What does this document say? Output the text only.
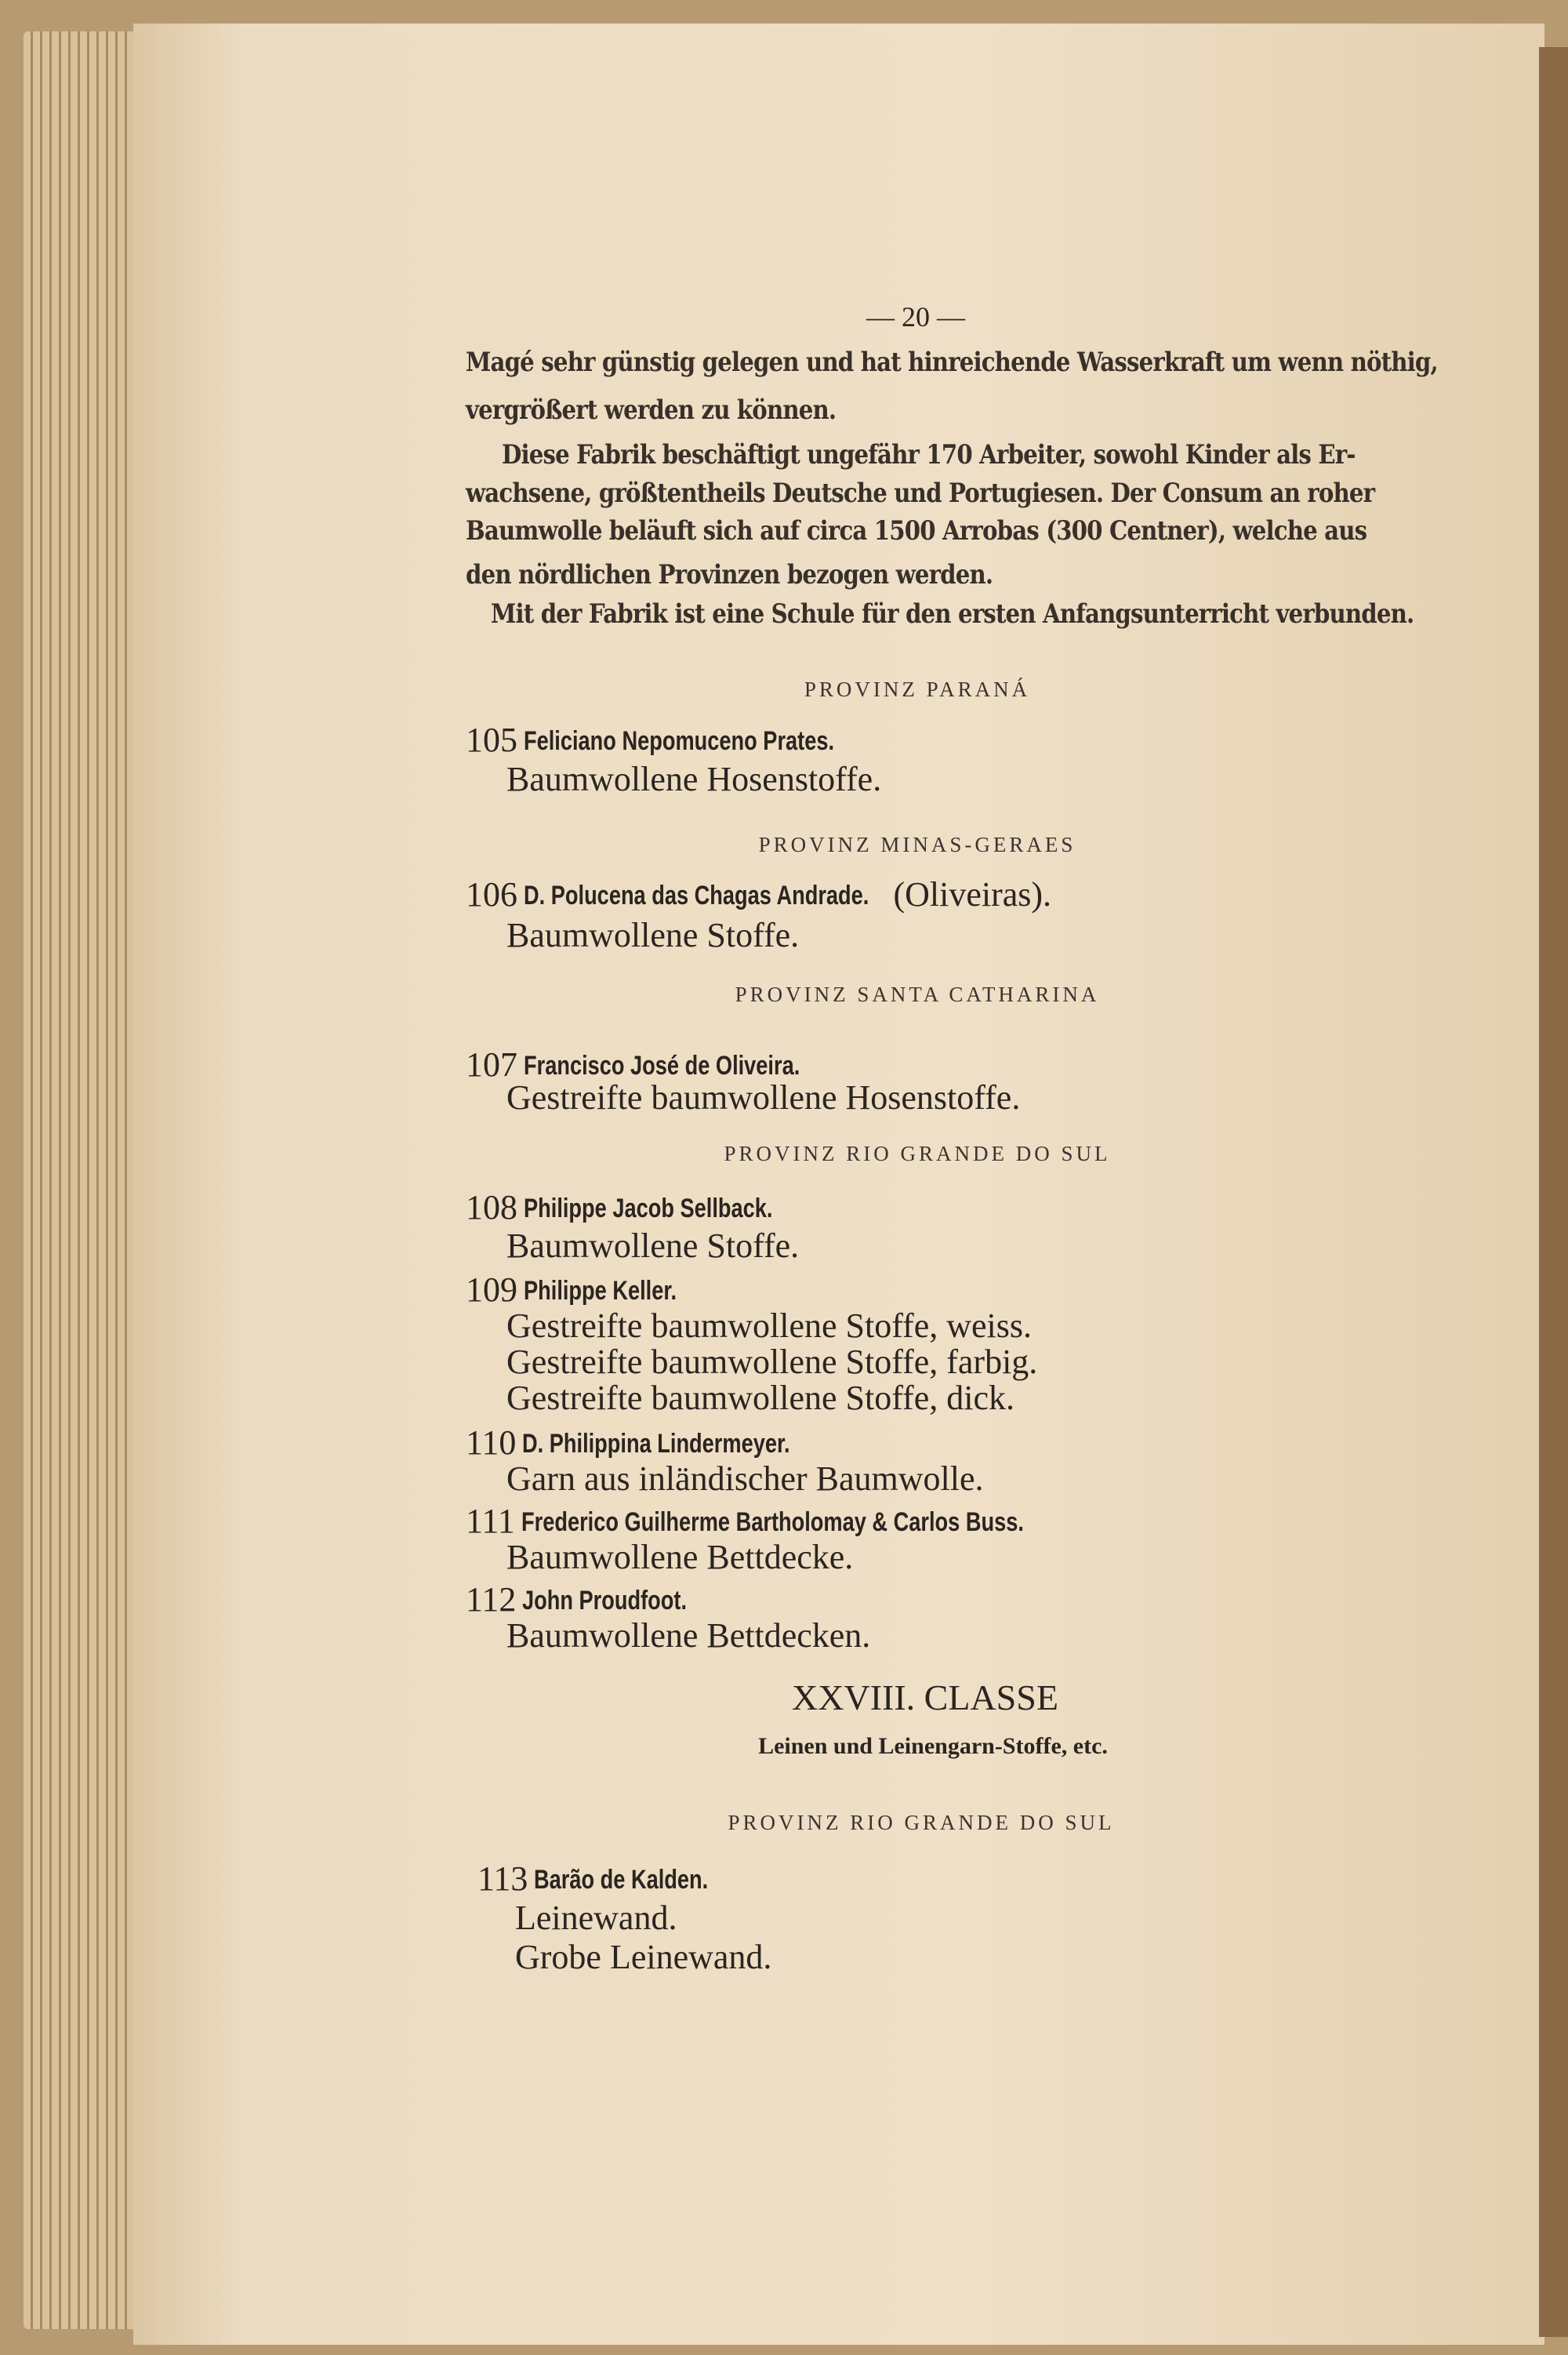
— 20 —
Magé sehr günstig gelegen und hat hinreichende Wasserkraft um wenn nöthig,
vergrößert werden zu können.
Diese Fabrik beschäftigt ungefähr 170 Arbeiter, sowohl Kinder als Er-
wachsene, größtentheils Deutsche und Portugiesen. Der Consum an roher
Baumwolle beläuft sich auf circa 1500 Arrobas (300 Centner), welche aus
den nördlichen Provinzen bezogen werden.
Mit der Fabrik ist eine Schule für den ersten Anfangsunterricht verbunden.
PROVINZ PARANÁ
105 Feliciano Nepomuceno Prates.
Baumwollene Hosenstoffe.
PROVINZ MINAS-GERAES
106 D. Polucena das Chagas Andrade. (Oliveiras).
Baumwollene Stoffe.
PROVINZ SANTA CATHARINA
107 Francisco José de Oliveira.
Gestreifte baumwollene Hosenstoffe.
PROVINZ RIO GRANDE DO SUL
108 Philippe Jacob Sellback.
Baumwollene Stoffe.
109 Philippe Keller.
Gestreifte baumwollene Stoffe, weiss.
Gestreifte baumwollene Stoffe, farbig.
Gestreifte baumwollene Stoffe, dick.
110 D. Philippina Lindermeyer.
Garn aus inländischer Baumwolle.
111 Frederico Guilherme Bartholomay & Carlos Buss.
Baumwollene Bettdecke.
112 John Proudfoot.
Baumwollene Bettdecken.
XXVIII. CLASSE
Leinen und Leinengarn-Stoffe, etc.
PROVINZ RIO GRANDE DO SUL
113 Barão de Kalden.
Leinewand.
Grobe Leinewand.
